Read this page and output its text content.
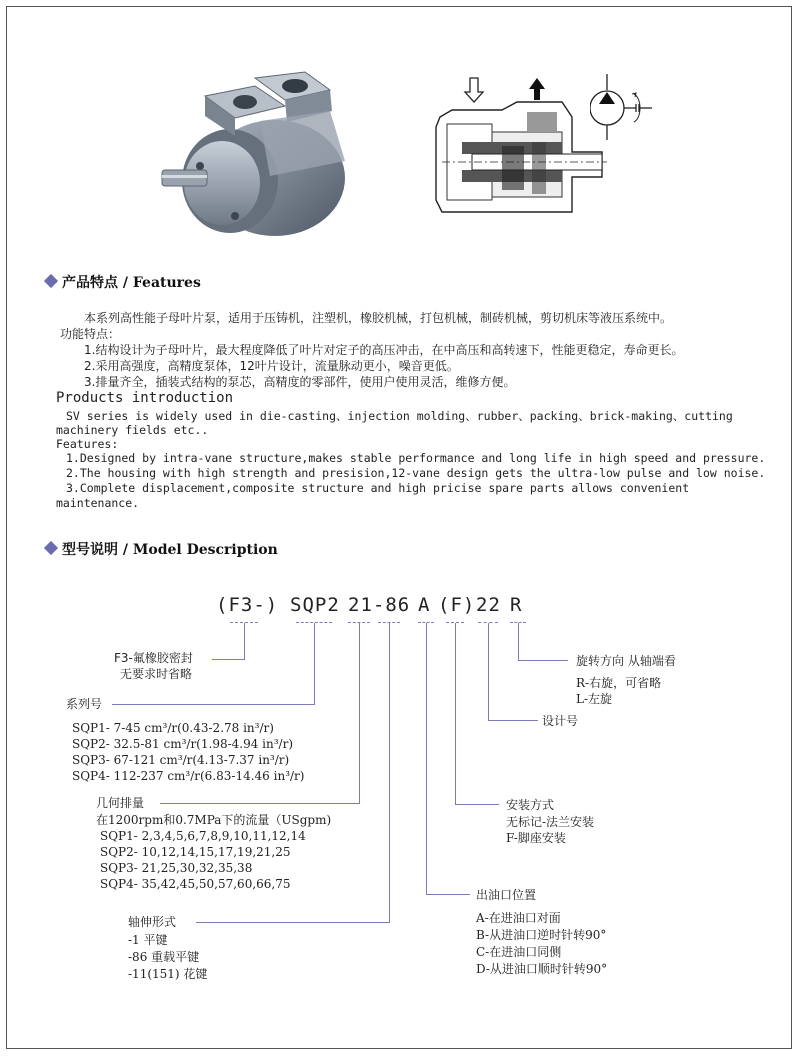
产品特点 / Features
本系列高性能子母叶片泵，适用于压铸机，注塑机，橡胶机械，打包机械，制砖机械，剪切机床等液压系统中。
功能特点：
1.结构设计为子母叶片，最大程度降低了叶片对定子的高压冲击，在中高压和高转速下，性能更稳定，寿命更长。
2.采用高强度，高精度泵体，12叶片设计，流量脉动更小，噪音更低。
3.排量齐全，插装式结构的泵芯，高精度的零部件，使用户使用灵活，维修方便。
Products introduction
SV series is widely used in die-casting、injection molding、rubber、packing、brick-making、cutting
machinery fields etc..
Features:
1.Designed by intra-vane structure,makes stable performance and long life in high speed and pressure.
2.The housing with high strength and presision,12-vane design gets the ultra-low pulse and low noise.
3.Complete displacement,composite structure and high pricise spare parts allows convenient
maintenance.
型号说明 / Model Description
(F3-) SQP2 21-86 A (F) 22 R
F3-氟橡胶密封
无要求时省略
系列号
SQP1- 7-45 cm³/r(0.43-2.78 in³/r)
SQP2- 32.5-81 cm³/r(1.98-4.94 in³/r)
SQP3- 67-121 cm³/r(4.13-7.37 in³/r)
SQP4- 112-237 cm³/r(6.83-14.46 in³/r)
几何排量
在1200rpm和0.7MPa下的流量（USgpm)
SQP1- 2,3,4,5,6,7,8,9,10,11,12,14
SQP2- 10,12,14,15,17,19,21,25
SQP3- 21,25,30,32,35,38
SQP4- 35,42,45,50,57,60,66,75
轴伸形式
-1 平键
-86 重载平键
-11(151) 花键
旋转方向 从轴端看
R-右旋，可省略
L-左旋
设计号
安装方式
无标记-法兰安装
F-脚座安装
出油口位置
A-在进油口对面
B-从进油口逆时针转90°
C-在进油口同侧
D-从进油口顺时针转90°
